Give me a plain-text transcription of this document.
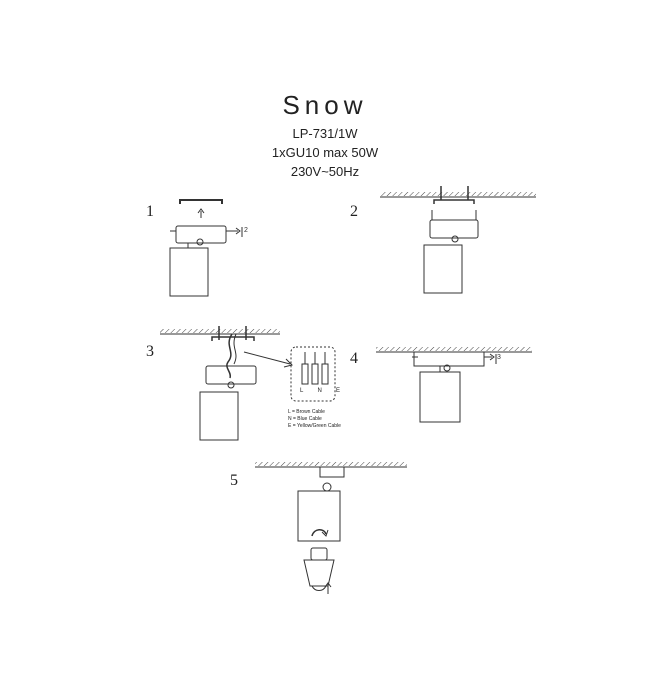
Snow
LP-731/1W
1xGU10 max 50W
230V~50Hz
1	2
3	4
5
2
3
L N E
L = Brown Cable
N = Blue Cable
E = Yellow/Green Cable
